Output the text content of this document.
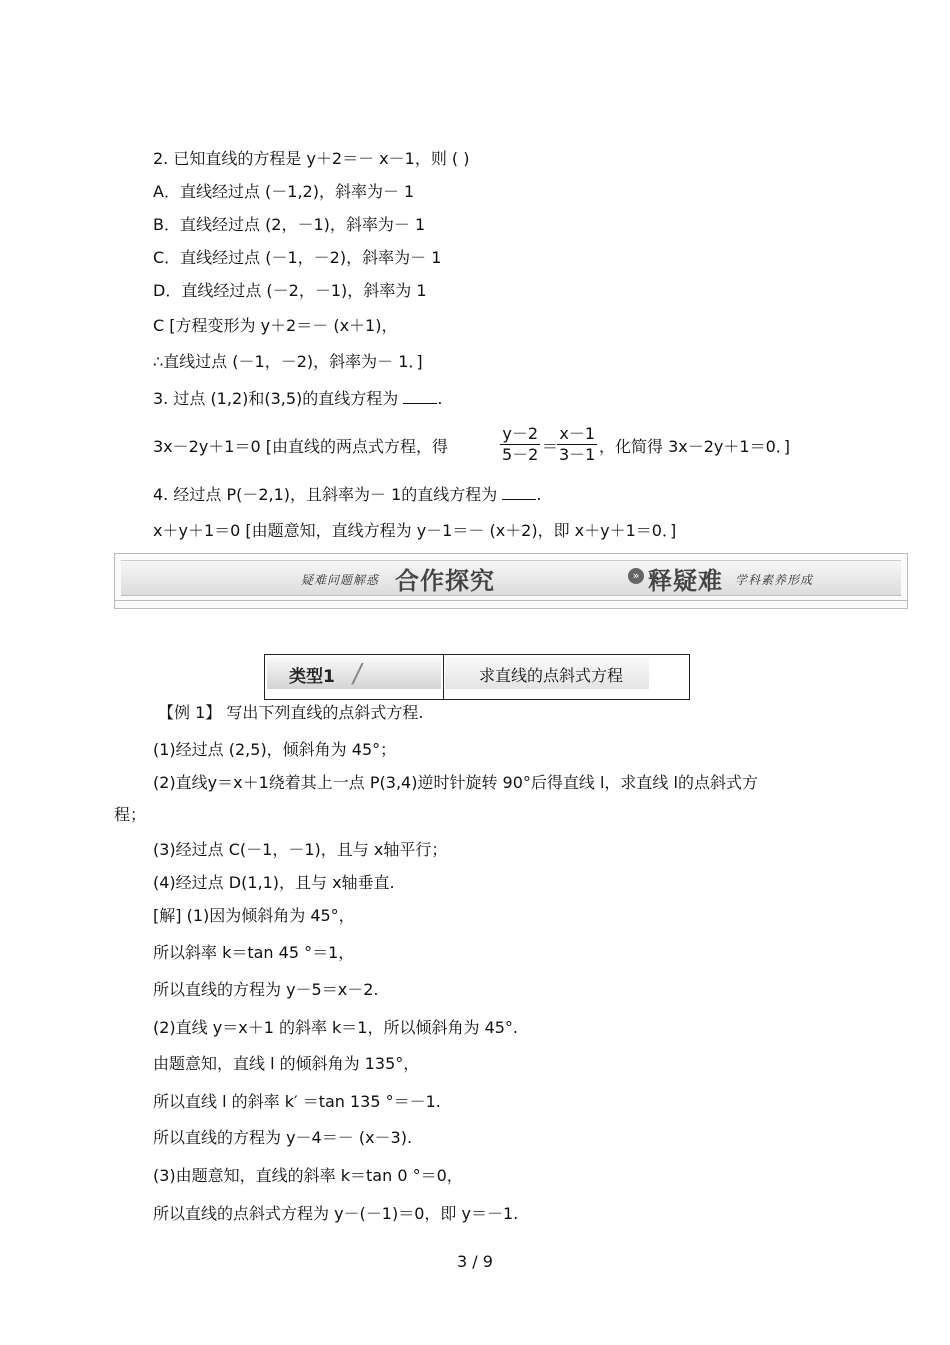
2. 已知直线的方程是 y＋2＝－ x－1，则 ( )
A．直线经过点 (－1,2)，斜率为－ 1
B．直线经过点 (2，－1)，斜率为－ 1
C．直线经过点 (－1，－2)，斜率为－ 1
D．直线经过点 (－2，－1)，斜率为 1
C [方程变形为 y＋2＝－ (x＋1)，
∴直线过点 (－1，－2)，斜率为－ 1．]
3. 过点 (1,2)和(3,5)的直线方程为 .
3x－2y＋1＝0 [由直线的两点式方程，得
y－2
5－2 ＝
x－1
3－1 ，化简得 3x－2y＋1＝0．]
4. 经过点 P(－2,1)，且斜率为－ 1的直线方程为 .
x＋y＋1＝0 [由题意知，直线方程为 y－1＝－ (x＋2)，即 x＋y＋1＝0．]
疑难问题解惑 合作探究	» 释疑难 学科素养形成
类型1 /	求直线的点斜式方程
【例 1】 写出下列直线的点斜式方程.
(1)经过点 (2,5)，倾斜角为 45°；
(2)直线y＝x＋1绕着其上一点 P(3,4)逆时针旋转 90°后得直线 l，求直线 l的点斜式方
程；
(3)经过点 C(－1，－1)，且与 x轴平行；
(4)经过点 D(1,1)，且与 x轴垂直.
[解] (1)因为倾斜角为 45°，
所以斜率 k＝tan 45 °＝1，
所以直线的方程为 y－5＝x－2.
(2)直线 y＝x＋1 的斜率 k＝1，所以倾斜角为 45°.
由题意知，直线 l 的倾斜角为 135°，
所以直线 l 的斜率 k′ ＝tan 135 °＝－1.
所以直线的方程为 y－4＝－ (x－3).
(3)由题意知，直线的斜率 k＝tan 0 °＝0，
所以直线的点斜式方程为 y－(－1)＝0，即 y＝－1.
3 / 9
